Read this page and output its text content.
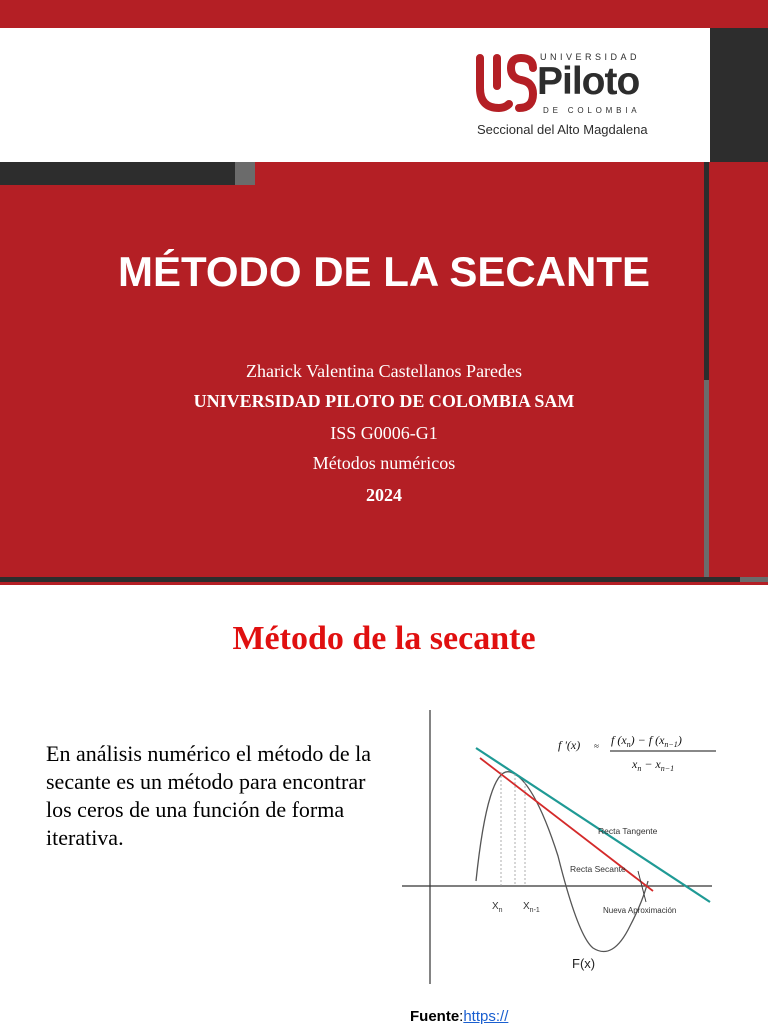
UNIVERSIDAD
Piloto
DE COLOMBIA
Seccional del Alto Magdalena
MÉTODO DE LA SECANTE
Zharick Valentina Castellanos Paredes
UNIVERSIDAD PILOTO DE COLOMBIA SAM
ISS G0006-G1
Métodos numéricos
2024
Método de la secante
En análisis numérico el método de la secante es un método para encontrar los ceros de una función de forma iterativa.
f '(x) ≈ f $(x_n) - f$ $(x_{n-1})$
$x_n - x_{n-1}$
Recta Tangente
Recta Secante
Nueva Aproximación
$X_n$ $X_{n-1}$
F(x)
Fuente:https://
